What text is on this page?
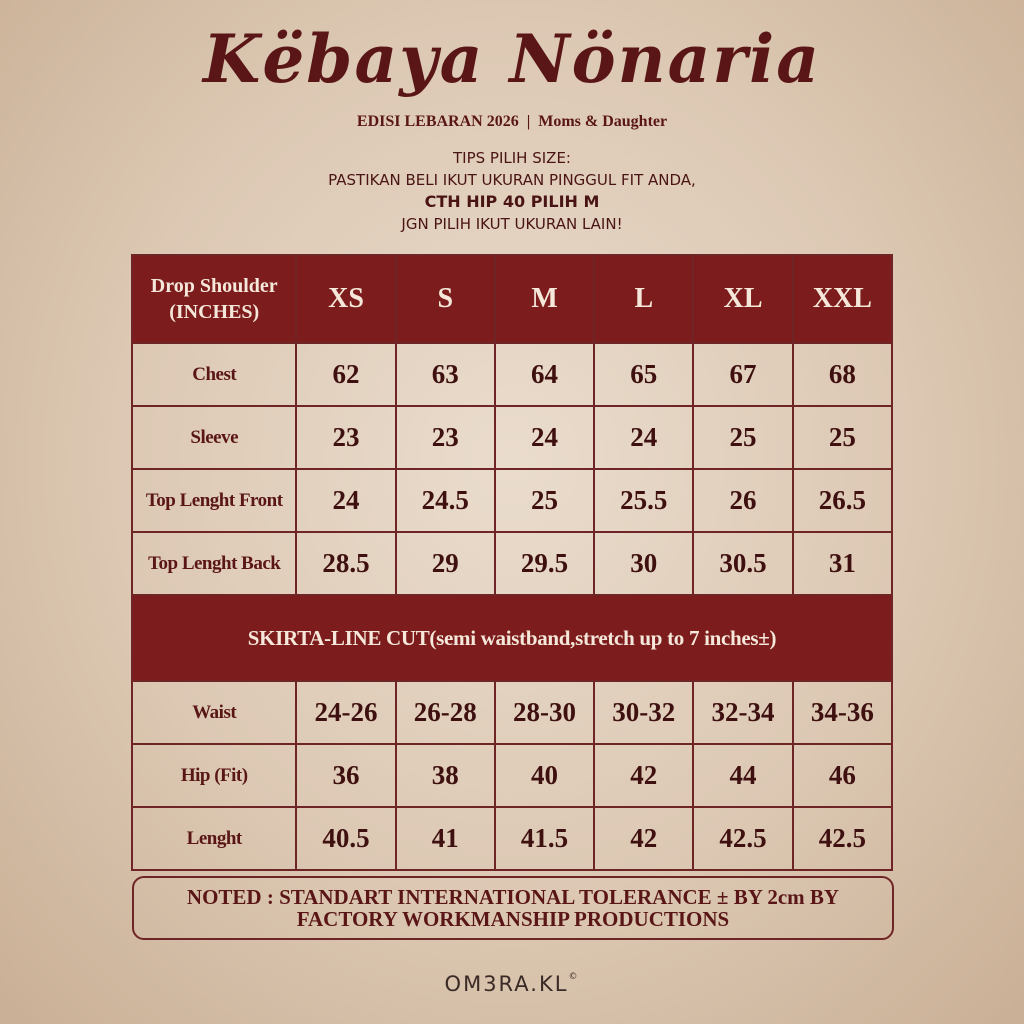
Kёbaya Nönaria
EDISI LEBARAN 2026 | Moms & Daughter
TIPS PILIH SIZE:
PASTIKAN BELI IKUT UKURAN PINGGUL FIT ANDA,
CTH HIP 40 PILIH M
JGN PILIH IKUT UKURAN LAIN!
Drop Shoulder
(INCHES)	XS	S	M	L	XL	XXL
Chest	62	63	64	65	67	68
Sleeve	23	23	24	24	25	25
Top Lenght Front	24	24.5	25	25.5	26	26.5
Top Lenght Back	28.5	29	29.5	30	30.5	31
SKIRTA-LINE CUT(semi waistband,stretch up to 7 inches±)						
Waist	24-26	26-28	28-30	30-32	32-34	34-36
Hip (Fit)	36	38	40	42	44	46
Lenght	40.5	41	41.5	42	42.5	42.5
NOTED : STANDART INTERNATIONAL TOLERANCE ± BY 2cm BY
FACTORY WORKMANSHIP PRODUCTIONS
OM3RA.KL©
